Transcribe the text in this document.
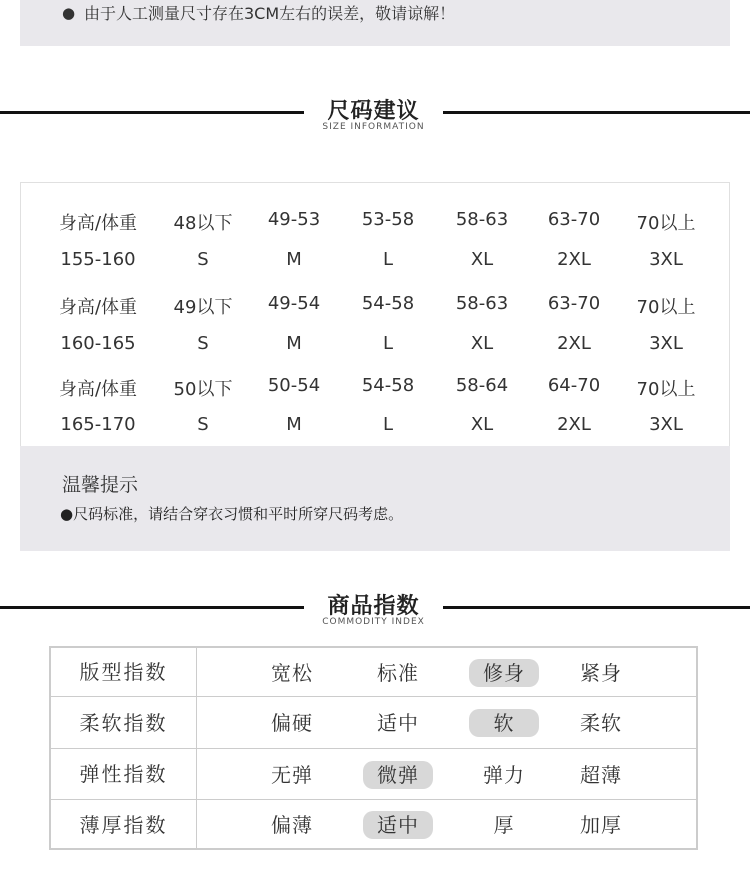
● 由于人工测量尺寸存在3CM左右的误差，敬请谅解！
尺码建议
SIZE INFORMATION
身高/体重	48以下	49-53	53-58	58-63	63-70	70以上
155-160	S	M	L	XL	2XL	3XL
身高/体重	49以下	49-54	54-58	58-63	63-70	70以上
160-165	S	M	L	XL	2XL	3XL
身高/体重	50以下	50-54	54-58	58-64	64-70	70以上
165-170	S	M	L	XL	2XL	3XL
温馨提示
●尺码标准，请结合穿衣习惯和平时所穿尺码考虑。
商品指数
COMMODITY INDEX
版型指数	宽松	标准	修身	紧身
柔软指数	偏硬	适中	软	柔软
弹性指数	无弹	微弹	弹力	超薄
薄厚指数	偏薄	适中	厚	加厚
